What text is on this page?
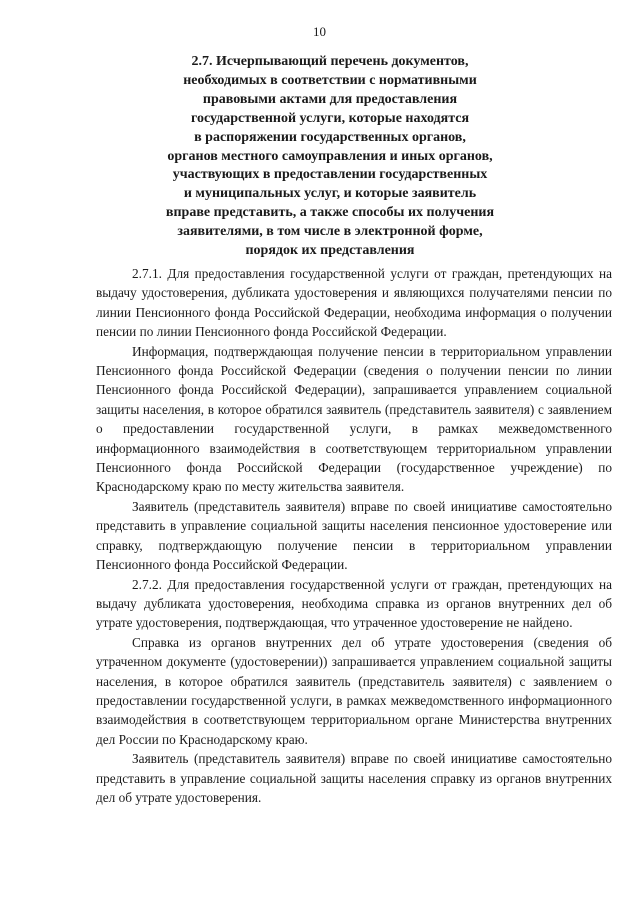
10
2.7. Исчерпывающий перечень документов,
необходимых в соответствии с нормативными
правовыми актами для предоставления
государственной услуги, которые находятся
в распоряжении государственных органов,
органов местного самоуправления и иных органов,
участвующих в предоставлении государственных
и муниципальных услуг, и которые заявитель
вправе представить, а также способы их получения
заявителями, в том числе в электронной форме,
порядок их представления

2.7.1. Для предоставления государственной услуги от граждан, претендующих на выдачу удостоверения, дубликата удостоверения и являющихся получателями пенсии по линии Пенсионного фонда Российской Федерации, необходима информация о получении пенсии по линии Пенсионного фонда Российской Федерации.

Информация, подтверждающая получение пенсии в территориальном управлении Пенсионного фонда Российской Федерации (сведения о получении пенсии по линии Пенсионного фонда Российской Федерации), запрашивается управлением социальной защиты населения, в которое обратился заявитель (представитель заявителя) с заявлением о предоставлении государственной услуги, в рамках межведомственного информационного взаимодействия в соответствующем территориальном управлении Пенсионного фонда Российской Федерации (государственное учреждение) по Краснодарскому краю по месту жительства заявителя.

Заявитель (представитель заявителя) вправе по своей инициативе самостоятельно представить в управление социальной защиты населения пенсионное удостоверение или справку, подтверждающую получение пенсии в территориальном управлении Пенсионного фонда Российской Федерации.

2.7.2. Для предоставления государственной услуги от граждан, претендующих на выдачу дубликата удостоверения, необходима справка из органов внутренних дел об утрате удостоверения, подтверждающая, что утраченное удостоверение не найдено.

Справка из органов внутренних дел об утрате удостоверения (сведения об утраченном документе (удостоверении)) запрашивается управлением социальной защиты населения, в которое обратился заявитель (представитель заявителя) с заявлением о предоставлении государственной услуги, в рамках межведомственного информационного взаимодействия в соответствующем территориальном органе Министерства внутренних дел России по Краснодарскому краю.

Заявитель (представитель заявителя) вправе по своей инициативе самостоятельно представить в управление социальной защиты населения справку из органов внутренних дел об утрате удостоверения.
